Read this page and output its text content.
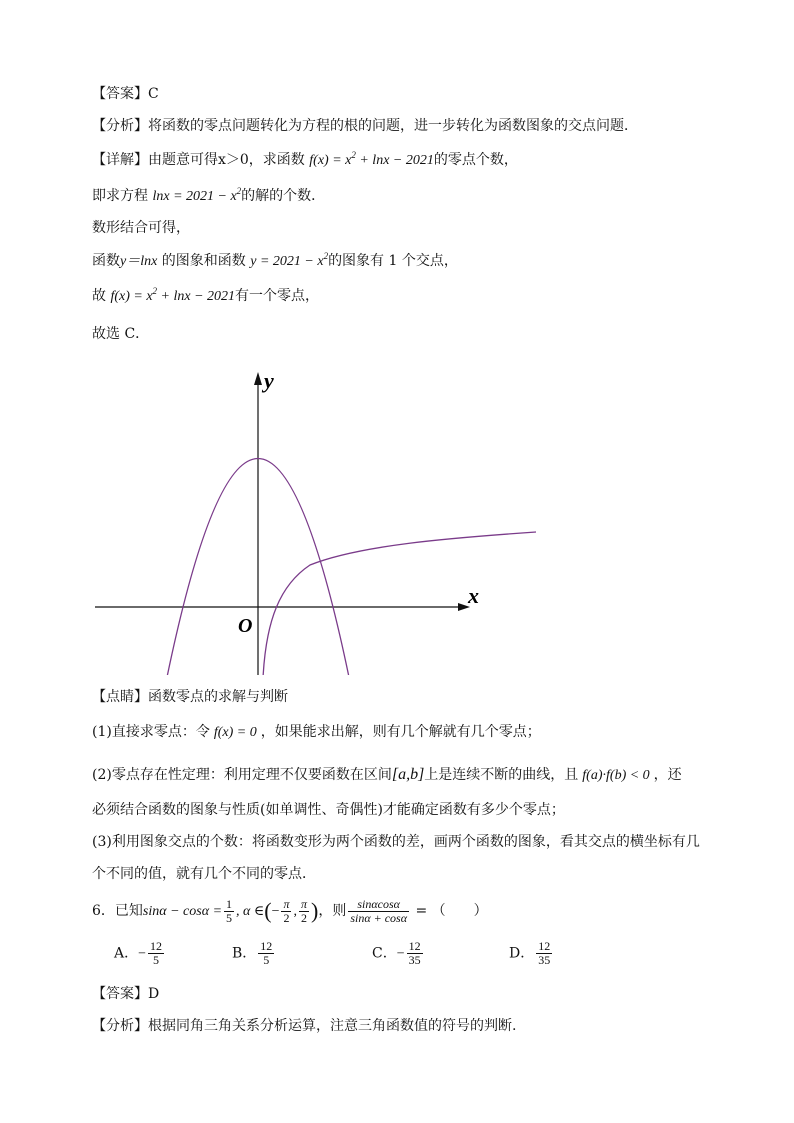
【答案】C
【分析】将函数的零点问题转化为方程的根的问题，进一步转化为函数图象的交点问题．
【详解】由题意可得x＞0，求函数 $f(x) = x^2 + \ln x - 2021$的零点个数，
即求方程 $\ln x = 2021 - x^2$的解的个数．
数形结合可得，
函数y＝lnx 的图象和函数 $y = 2021 - x^2$的图象有 1 个交点，
故 $f(x) = x^2 + \ln x - 2021$有一个零点，
故选 C．
x
y
O
【点睛】函数零点的求解与判断
(1)直接求零点：令 f(x) = 0 ，如果能求出解，则有几个解就有几个零点；
(2)零点存在性定理：利用定理不仅要函数在区间[a,b]上是连续不断的曲线，且 f(a)·f(b) < 0 ，还
必须结合函数的图象与性质(如单调性、奇偶性)才能确定函数有多少个零点；
(3)利用图象交点的个数：将函数变形为两个函数的差，画两个函数的图象，看其交点的横坐标有几
个不同的值，就有几个不同的零点．
6．已知$\sin\alpha - \cos\alpha = \frac{1}{5}$ , α ∈(− $\frac{\pi}{2}$ , $\frac{\pi}{2}$ )，则 $\frac{\sin\alpha\cos\alpha}{\sin\alpha + \cos\alpha}$ = （　　）
A．− $\frac{12}{5}$	B． $\frac{12}{5}$	C．− $\frac{12}{35}$	D． $\frac{12}{35}$
【答案】D
【分析】根据同角三角关系分析运算，注意三角函数值的符号的判断.
